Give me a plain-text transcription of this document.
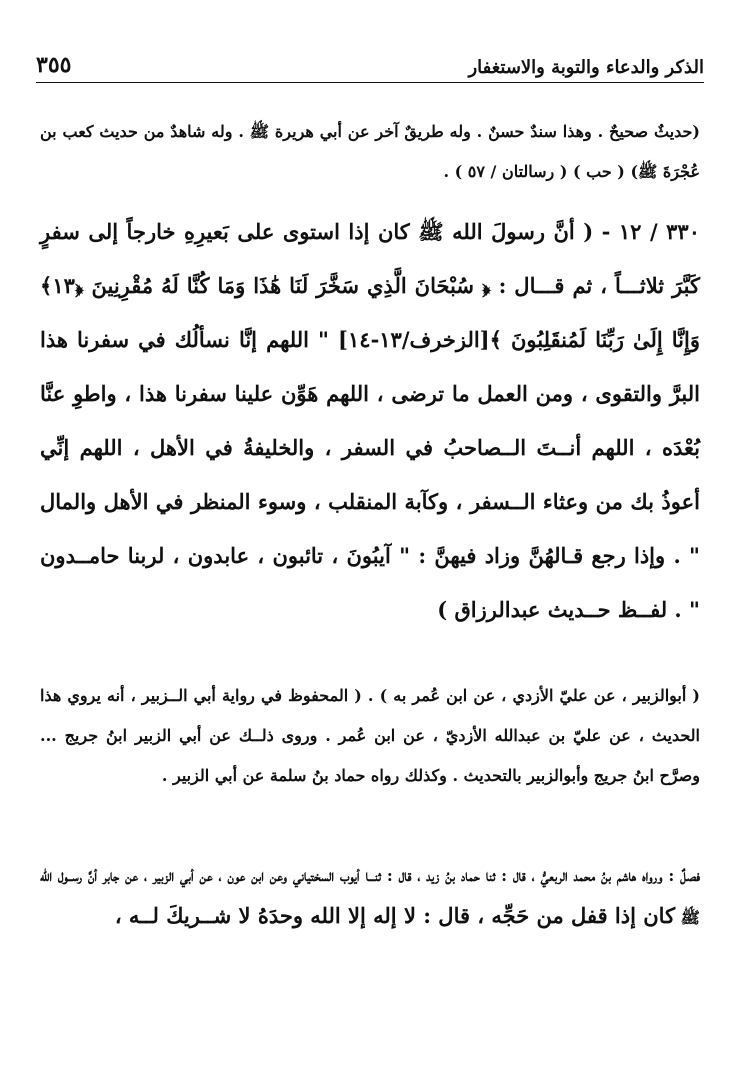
الذكر والدعاء والتوبة والاستغفار
٣٥٥

(حديثٌ صحيحٌ . وهذا سندٌ حسنٌ . وله طريقٌ آخر عن أبي هريرة ﷺ . وله شاهدٌ من حديث كعب بن عُجْرَةَ ﷺ) ( حب ) ( رسالتان / ٥٧ ) .

٣٣٠ / ١٢ - ( أنَّ رسولَ الله ﷺ كان إذا استوى على بَعيرِهِ خارجاً إلى سفرٍ كَبَّرَ ثلاثـــاً ، ثم قـــال : ﴿ سُبْحَانَ الَّذِي سَخَّرَ لَنَا هَٰذَا وَمَا كُنَّا لَهُ مُقْرِنِينَ ﴿١٣﴾ وَإِنَّا إِلَىٰ رَبِّنَا لَمُنقَلِبُونَ ﴾[الزخرف/١٣-١٤] " اللهم إنَّا نسألُك في سفرنا هذا البرَّ والتقوى ، ومن العمل ما ترضى ، اللهم هَوِّن علينا سفرنا هذا ، واطوِ عنَّا بُعْدَه ، اللهم أنــتَ الــصاحبُ في السفر ، والخليفةُ في الأهل ، اللهم إنِّي أعوذُ بك من وعثاء الــسفر ، وكآبة المنقلب ، وسوء المنظر في الأهل والمال " . وإذا رجع قـالهُنَّ وزاد فيهنَّ : " آيبُونَ ، تائبون ، عابدون ، لربنا حامــدون " . لفــظ حــديث عبدالرزاق )

( أبوالزبير ، عن عليّ الأزدي ، عن ابن عُمر به ) . ( المحفوظ في رواية أبي الــزبير ، أنه يروي هذا الحديث ، عن عليّ بن عبدالله الأزديّ ، عن ابن عُمر . وروى ذلــك عن أبي الزبير ابنُ جريج ... وصرَّح ابنُ جريج وأبوالزبير بالتحديث . وكذلك رواه حماد بنُ سلمة عن أبي الزبير .

فصلٌ : ورواه هاشم بنُ محمد الربعيُّ ، قال : ثنا حماد بنُ زيد ، قال : ثنـــا أيوب السختياني وعن ابن عون ، عن أبي الزبير ، عن جابر أنَّ رســول الله ﷺ كان إذا قفل من حَجِّه ، قال : لا إله إلا الله وحدَهُ لا شــريكَ لــه ،
